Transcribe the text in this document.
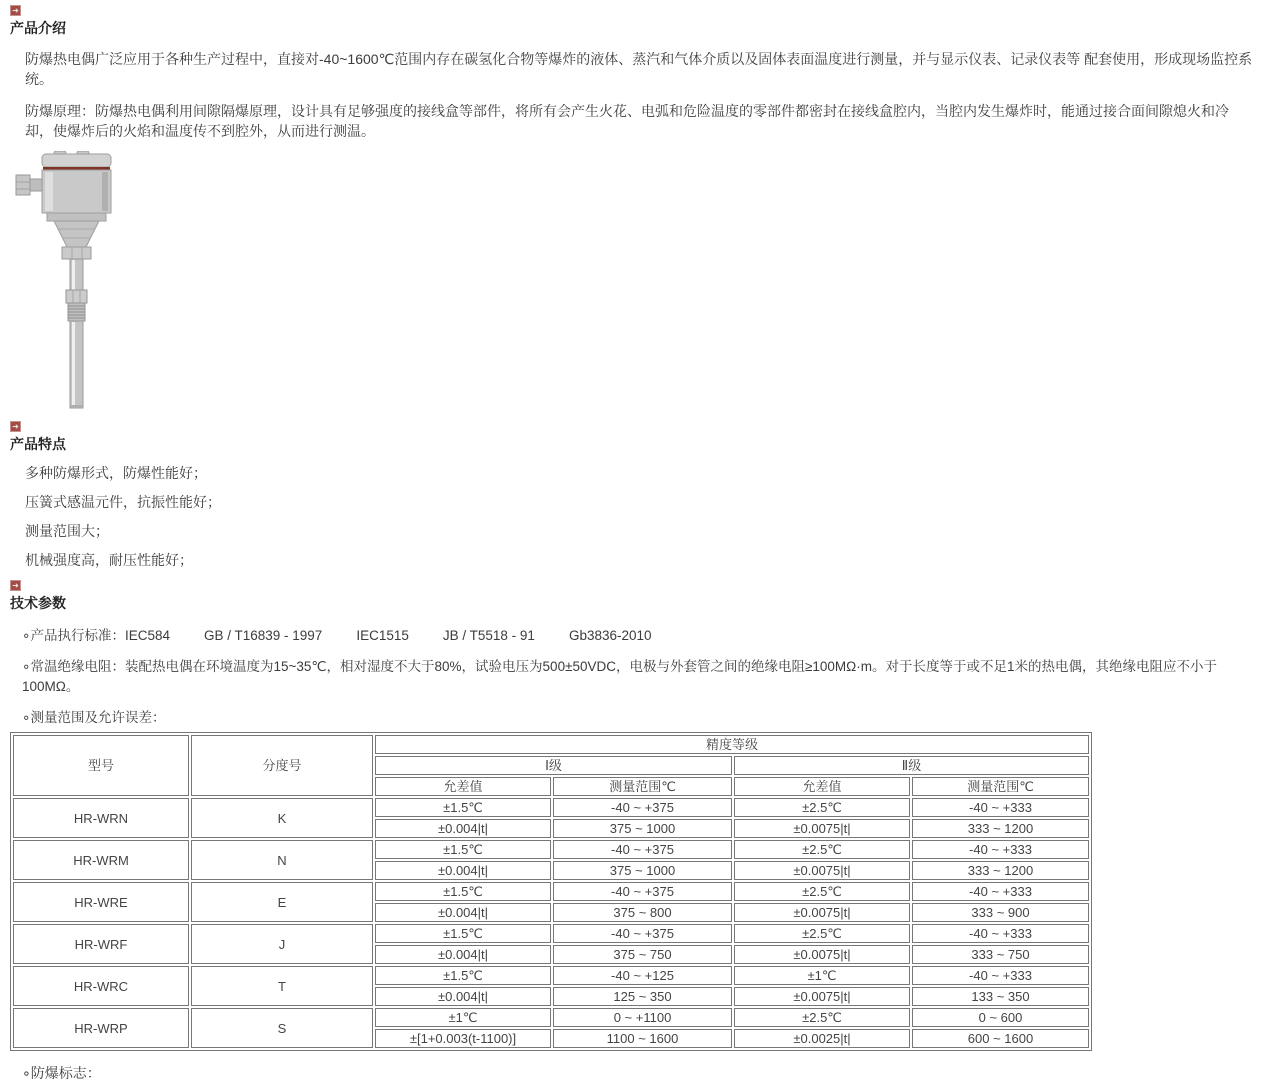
➜
产品介绍

防爆热电偶广泛应用于各种生产过程中，直接对-40~1600℃范围内存在碳氢化合物等爆炸的液体、蒸汽和气体介质以及固体表面温度进行测量，并与显示仪表、记录仪表等 配套使用，形成现场监控系统。

防爆原理：防爆热电偶利用间隙隔爆原理，设计具有足够强度的接线盒等部件，将所有会产生火花、电弧和危险温度的零部件都密封在接线盒腔内，当腔内发生爆炸时，能通过接合面间隙熄火和冷却，使爆炸后的火焰和温度传不到腔外，从而进行测温。

➜
产品特点

多种防爆形式，防爆性能好；

压簧式感温元件，抗振性能好；

测量范围大；

机械强度高，耐压性能好；

➜
技术参数

∘产品执行标准：IEC584	GB / T16839 - 1997	IEC1515	JB / T5518 - 91	Gb3836-2010

∘常温绝缘电阻：装配热电偶在环境温度为15~35℃，相对湿度不大于80%，试验电压为500±50VDC，电极与外套管之间的绝缘电阻≥100MΩ·m。对于长度等于或不足1米的热电偶，其绝缘电阻应不小于100MΩ。

∘测量范围及允许误差：

型号	分度号	精度等级			
		Ⅰ级		Ⅱ级	
		允差值	测量范围℃	允差值	测量范围℃
HR-WRN	K	±1.5℃	-40 ~ +375	±2.5℃	-40 ~ +333
		±0.004|t|	375 ~ 1000	±0.0075|t|	333 ~ 1200
HR-WRM	N	±1.5℃	-40 ~ +375	±2.5℃	-40 ~ +333
		±0.004|t|	375 ~ 1000	±0.0075|t|	333 ~ 1200
HR-WRE	E	±1.5℃	-40 ~ +375	±2.5℃	-40 ~ +333
		±0.004|t|	375 ~ 800	±0.0075|t|	333 ~ 900
HR-WRF	J	±1.5℃	-40 ~ +375	±2.5℃	-40 ~ +333
		±0.004|t|	375 ~ 750	±0.0075|t|	333 ~ 750
HR-WRC	T	±1.5℃	-40 ~ +125	±1℃	-40 ~ +333
		±0.004|t|	125 ~ 350	±0.0075|t|	133 ~ 350
HR-WRP	S	±1℃	0 ~ +1100	±2.5℃	0 ~ 600
		±[1+0.003(t-1100)]	1100 ~ 1600	±0.0025|t|	600 ~ 1600

∘防爆标志：
